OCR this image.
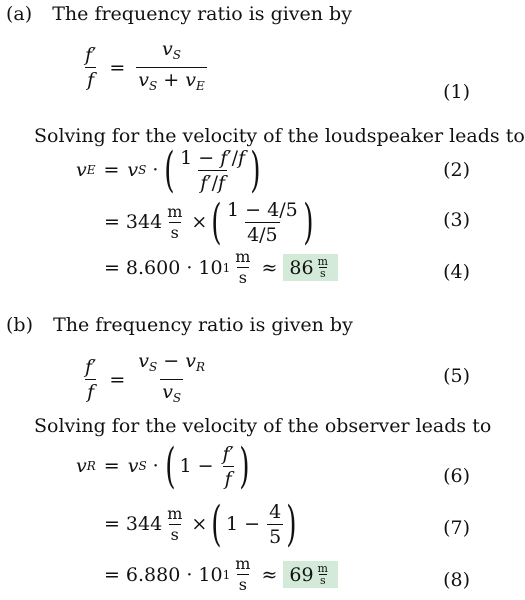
(a) The frequency ratio is given by
$\frac{f'}{f} = \frac{v_S}{v_S + v_E}$	(1)
Solving for the velocity of the loudspeaker leads to
v E = v S · ( $\frac{1 - f'/f}{f'/f}$ )	(2)
= $344 \frac{m}{s}$ × ( $\frac{1 - 4/5}{4/5}$ )	(3)
= 8.600 · 10 $1 \frac{m}{s} \approx 86 \frac{m}{s}$	(4)
(b) The frequency ratio is given by
$\frac{f'}{f} = \frac{v_S - v_R}{v_S}$	(5)
Solving for the velocity of the observer leads to
v R = v S · ( $1 - \frac{f'}{f}$ )	(6)
= $344 \frac{m}{s}$ × ( $1 - \frac{4}{5}$ )	(7)
= 6.880 · 10 $1 \frac{m}{s} \approx 69 \frac{m}{s}$	(8)
